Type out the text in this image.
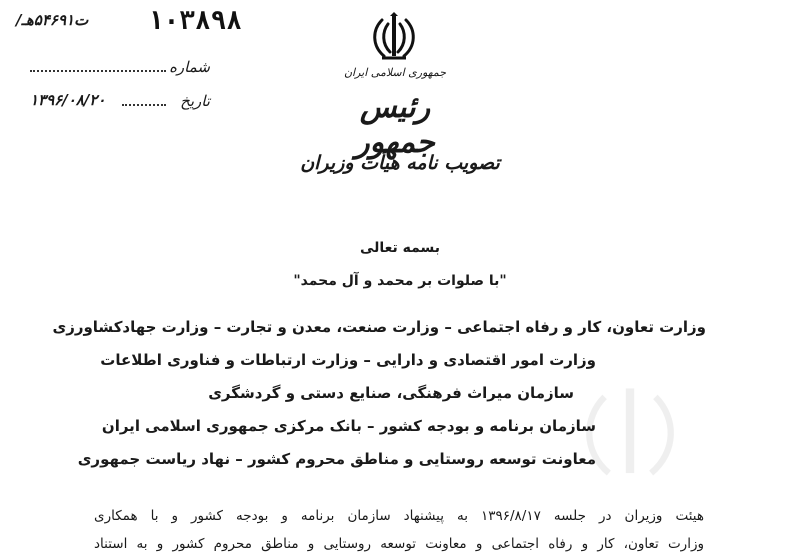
١٠٣٨٩٨
/ت۵۴۶۹۱هـ
شماره
تاریخ
۱۳۹۶/۰۸/۲۰
جمهوری اسلامی ایران
رئیس جمهور
تصویب نامه هیأت وزیران
بسمه تعالی
"با صلوات بر محمد و آل محمد"
وزارت تعاون، کار و رفاه اجتماعی – وزارت صنعت، معدن و تجارت – وزارت جهادکشاورزی
وزارت امور اقتصادی و دارایی – وزارت ارتباطات و فناوری اطلاعات
سازمان میراث فرهنگی، صنایع دستی و گردشگری
سازمان برنامه و بودجه کشور – بانک مرکزی جمهوری اسلامی ایران
معاونت توسعه روستایی و مناطق محروم کشور – نهاد ریاست جمهوری
هیئت وزیران در جلسه ۱۳۹۶/۸/۱۷ به پیشنهاد سازمان برنامه و بودجه کشور و با همکاری
وزارت تعاون، کار و رفاه اجتماعی و معاونت توسعه روستایی و مناطق محروم کشور و به استناد
